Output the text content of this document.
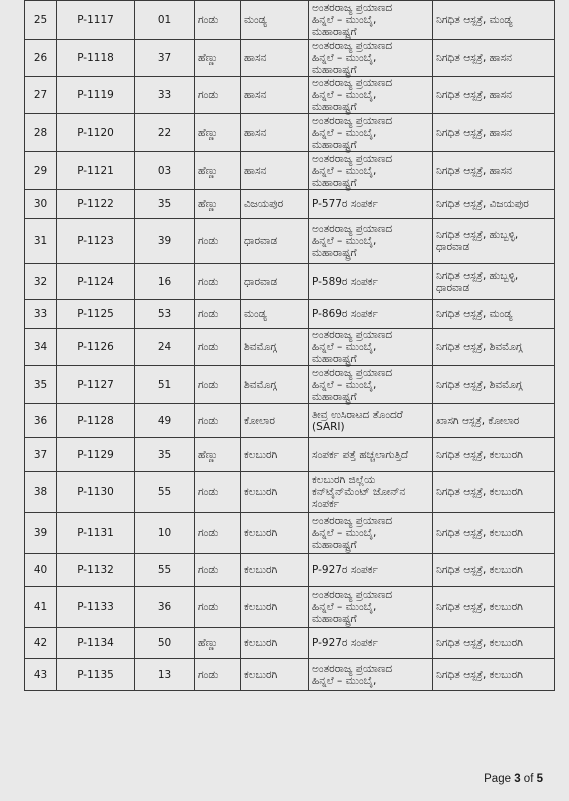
25	P-1117	01	ಗಂಡು	ಮಂಡ್ಯ	ಅಂತರರಾಜ್ಯ ಪ್ರಯಾಣದ
ಹಿನ್ನಲೆ – ಮುಂಬೈ,
ಮಹಾರಾಷ್ಟ್ರಗೆ	ನಿಗಧಿತ ಆಸ್ಪತ್ರೆ, ಮಂಡ್ಯ
26	P-1118	37	ಹೆಣ್ಣು	ಹಾಸನ	ಅಂತರರಾಜ್ಯ ಪ್ರಯಾಣದ
ಹಿನ್ನಲೆ – ಮುಂಬೈ,
ಮಹಾರಾಷ್ಟ್ರಗೆ	ನಿಗಧಿತ ಆಸ್ಪತ್ರೆ, ಹಾಸನ
27	P-1119	33	ಗಂಡು	ಹಾಸನ	ಅಂತರರಾಜ್ಯ ಪ್ರಯಾಣದ
ಹಿನ್ನಲೆ – ಮುಂಬೈ,
ಮಹಾರಾಷ್ಟ್ರಗೆ	ನಿಗಧಿತ ಆಸ್ಪತ್ರೆ, ಹಾಸನ
28	P-1120	22	ಹೆಣ್ಣು	ಹಾಸನ	ಅಂತರರಾಜ್ಯ ಪ್ರಯಾಣದ
ಹಿನ್ನಲೆ – ಮುಂಬೈ,
ಮಹಾರಾಷ್ಟ್ರಗೆ	ನಿಗಧಿತ ಆಸ್ಪತ್ರೆ, ಹಾಸನ
29	P-1121	03	ಹೆಣ್ಣು	ಹಾಸನ	ಅಂತರರಾಜ್ಯ ಪ್ರಯಾಣದ
ಹಿನ್ನಲೆ – ಮುಂಬೈ,
ಮಹಾರಾಷ್ಟ್ರಗೆ	ನಿಗಧಿತ ಆಸ್ಪತ್ರೆ, ಹಾಸನ
30	P-1122	35	ಹೆಣ್ಣು	ವಿಜಯಪುರ	P-577ರ ಸಂಪರ್ಕ	ನಿಗಧಿತ ಆಸ್ಪತ್ರೆ, ವಿಜಯಪುರ
31	P-1123	39	ಗಂಡು	ಧಾರವಾಡ	ಅಂತರರಾಜ್ಯ ಪ್ರಯಾಣದ
ಹಿನ್ನಲೆ – ಮುಂಬೈ,
ಮಹಾರಾಷ್ಟ್ರಗೆ	ನಿಗಧಿತ ಆಸ್ಪತ್ರೆ, ಹುಬ್ಬಳ್ಳಿ,
ಧಾರವಾಡ
32	P-1124	16	ಗಂಡು	ಧಾರವಾಡ	P-589ರ ಸಂಪರ್ಕ	ನಿಗಧಿತ ಆಸ್ಪತ್ರೆ, ಹುಬ್ಬಳ್ಳಿ,
ಧಾರವಾಡ
33	P-1125	53	ಗಂಡು	ಮಂಡ್ಯ	P-869ರ ಸಂಪರ್ಕ	ನಿಗಧಿತ ಆಸ್ಪತ್ರೆ, ಮಂಡ್ಯ
34	P-1126	24	ಗಂಡು	ಶಿವಮೊಗ್ಗ	ಅಂತರರಾಜ್ಯ ಪ್ರಯಾಣದ
ಹಿನ್ನಲೆ – ಮುಂಬೈ,
ಮಹಾರಾಷ್ಟ್ರಗೆ	ನಿಗಧಿತ ಆಸ್ಪತ್ರೆ, ಶಿವಮೊಗ್ಗ
35	P-1127	51	ಗಂಡು	ಶಿವಮೊಗ್ಗ	ಅಂತರರಾಜ್ಯ ಪ್ರಯಾಣದ
ಹಿನ್ನಲೆ – ಮುಂಬೈ,
ಮಹಾರಾಷ್ಟ್ರಗೆ	ನಿಗಧಿತ ಆಸ್ಪತ್ರೆ, ಶಿವಮೊಗ್ಗ
36	P-1128	49	ಗಂಡು	ಕೋಲಾರ	ತೀವ್ರ ಉಸಿರಾಟದ ತೊಂದರೆ
(SARI)	ಖಾಸಗಿ ಆಸ್ಪತ್ರೆ, ಕೋಲಾರ
37	P-1129	35	ಹೆಣ್ಣು	ಕಲಬುರಗಿ	ಸಂಪರ್ಕ ಪತ್ತೆ ಹಚ್ಚಲಾಗುತ್ತಿದೆ	ನಿಗಧಿತ ಆಸ್ಪತ್ರೆ, ಕಲಬುರಗಿ
38	P-1130	55	ಗಂಡು	ಕಲಬುರಗಿ	ಕಲಬುರಗಿ ಜಿಲ್ಲೆಯ
ಕನ್‌ಟೈನ್‌ಮೆಂಟ್ ಜೋನ್‌ನ
ಸಂಪರ್ಕ	ನಿಗಧಿತ ಆಸ್ಪತ್ರೆ, ಕಲಬುರಗಿ
39	P-1131	10	ಗಂಡು	ಕಲಬುರಗಿ	ಅಂತರರಾಜ್ಯ ಪ್ರಯಾಣದ
ಹಿನ್ನಲೆ – ಮುಂಬೈ,
ಮಹಾರಾಷ್ಟ್ರಗೆ	ನಿಗಧಿತ ಆಸ್ಪತ್ರೆ, ಕಲಬುರಗಿ
40	P-1132	55	ಗಂಡು	ಕಲಬುರಗಿ	P-927ರ ಸಂಪರ್ಕ	ನಿಗಧಿತ ಆಸ್ಪತ್ರೆ, ಕಲಬುರಗಿ
41	P-1133	36	ಗಂಡು	ಕಲಬುರಗಿ	ಅಂತರರಾಜ್ಯ ಪ್ರಯಾಣದ
ಹಿನ್ನಲೆ – ಮುಂಬೈ,
ಮಹಾರಾಷ್ಟ್ರಗೆ	ನಿಗಧಿತ ಆಸ್ಪತ್ರೆ, ಕಲಬುರಗಿ
42	P-1134	50	ಹೆಣ್ಣು	ಕಲಬುರಗಿ	P-927ರ ಸಂಪರ್ಕ	ನಿಗಧಿತ ಆಸ್ಪತ್ರೆ, ಕಲಬುರಗಿ
43	P-1135	13	ಗಂಡು	ಕಲಬುರಗಿ	ಅಂತರರಾಜ್ಯ ಪ್ರಯಾಣದ
ಹಿನ್ನಲೆ – ಮುಂಬೈ,	ನಿಗಧಿತ ಆಸ್ಪತ್ರೆ, ಕಲಬುರಗಿ
Page 3 of 5
